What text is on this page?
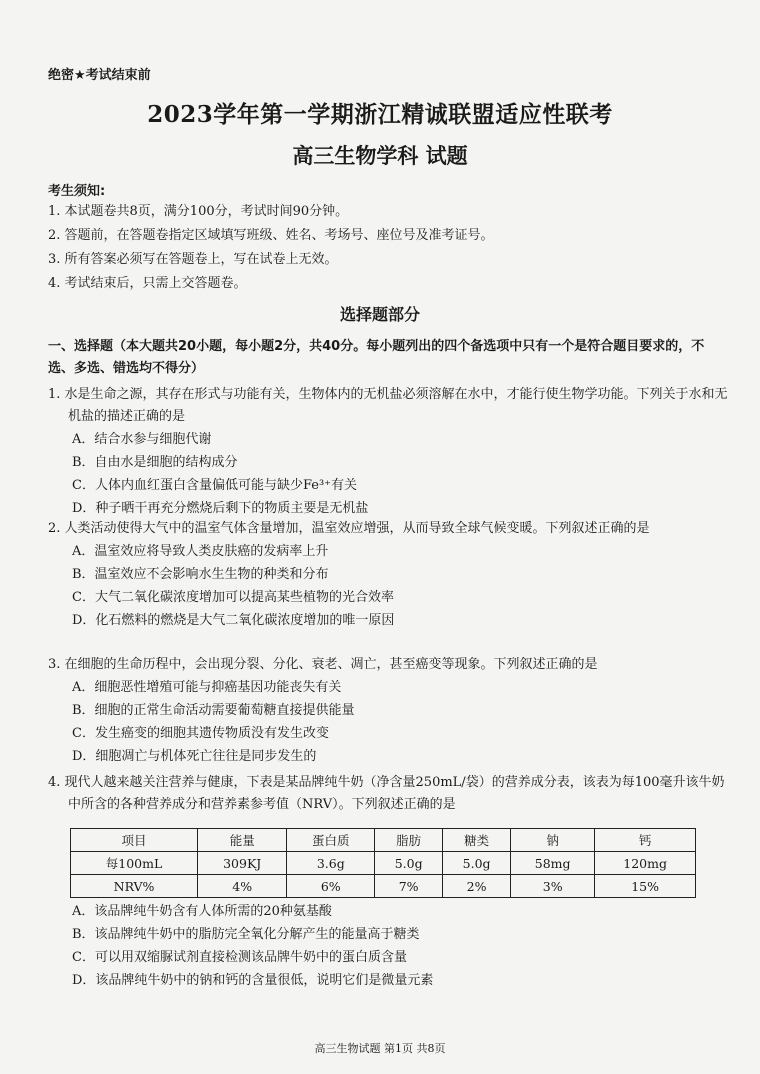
绝密★考试结束前
2023学年第一学期浙江精诚联盟适应性联考
高三生物学科 试题
考生须知:
1. 本试题卷共8页，满分100分，考试时间90分钟。
2. 答题前，在答题卷指定区域填写班级、姓名、考场号、座位号及准考证号。
3. 所有答案必须写在答题卷上，写在试卷上无效。
4. 考试结束后，只需上交答题卷。
选择题部分
一、选择题（本大题共20小题，每小题2分，共40分。每小题列出的四个备选项中只有一个是符合题目要求的，不选、多选、错选均不得分）
1. 水是生命之源，其存在形式与功能有关，生物体内的无机盐必须溶解在水中，才能行使生物学功能。下列关于水和无机盐的描述正确的是
A．结合水参与细胞代谢
B．自由水是细胞的结构成分
C．人体内血红蛋白含量偏低可能与缺少Fe³⁺有关
D．种子晒干再充分燃烧后剩下的物质主要是无机盐
2. 人类活动使得大气中的温室气体含量增加，温室效应增强，从而导致全球气候变暖。下列叙述正确的是
A．温室效应将导致人类皮肤癌的发病率上升
B．温室效应不会影响水生生物的种类和分布
C．大气二氧化碳浓度增加可以提高某些植物的光合效率
D．化石燃料的燃烧是大气二氧化碳浓度增加的唯一原因
3. 在细胞的生命历程中，会出现分裂、分化、衰老、凋亡，甚至癌变等现象。下列叙述正确的是
A．细胞恶性增殖可能与抑癌基因功能丧失有关
B．细胞的正常生命活动需要葡萄糖直接提供能量
C．发生癌变的细胞其遗传物质没有发生改变
D．细胞凋亡与机体死亡往往是同步发生的
4. 现代人越来越关注营养与健康，下表是某品牌纯牛奶（净含量250mL/袋）的营养成分表，该表为每100毫升该牛奶中所含的各种营养成分和营养素参考值（NRV）。下列叙述正确的是
项目	能量	蛋白质	脂肪	糖类	钠	钙
每100mL	309KJ	3.6g	5.0g	5.0g	58mg	120mg
NRV%	4%	6%	7%	2%	3%	15%
A．该品牌纯牛奶含有人体所需的20种氨基酸
B．该品牌纯牛奶中的脂肪完全氧化分解产生的能量高于糖类
C．可以用双缩脲试剂直接检测该品牌牛奶中的蛋白质含量
D．该品牌纯牛奶中的钠和钙的含量很低，说明它们是微量元素
高三生物试题 第1页 共8页
